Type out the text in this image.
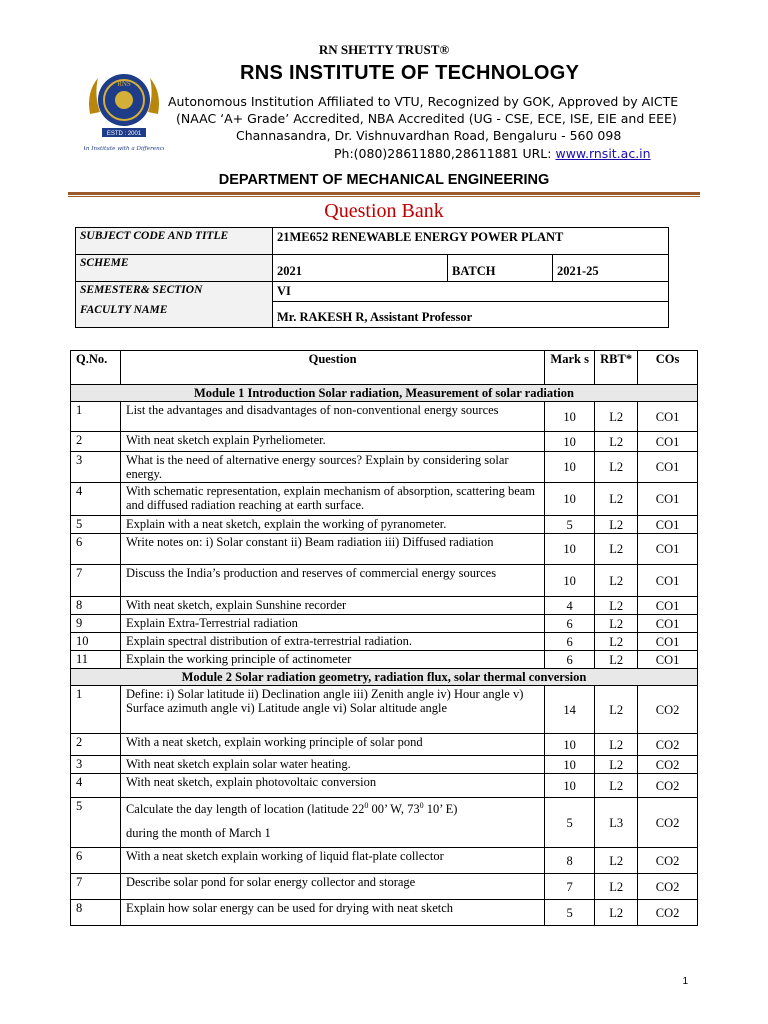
RN SHETTY TRUST®
RNS
ESTD : 2001
An Institute with a Difference
RNS INSTITUTE OF TECHNOLOGY
Autonomous Institution Affiliated to VTU, Recognized by GOK, Approved by AICTE
(NAAC ‘A+ Grade’ Accredited, NBA Accredited (UG - CSE, ECE, ISE, EIE and EEE)
Channasandra, Dr. Vishnuvardhan Road, Bengaluru - 560 098
Ph:(080)28611880,28611881 URL: www.rnsit.ac.in
DEPARTMENT OF MECHANICAL ENGINEERING
Question Bank
SUBJECT CODE AND TITLE	21ME652 RENEWABLE ENERGY POWER PLANT		
SCHEME	2021	BATCH	2021-25
SEMESTER& SECTION	VI		
FACULTY NAME	Mr. RAKESH R, Assistant Professor		
Q.No.	Question	Mark s	RBT*	COs
Module 1 Introduction Solar radiation, Measurement of solar radiation				
1	List the advantages and disadvantages of non-conventional energy sources	10	L2	CO1
2	With neat sketch explain Pyrheliometer.	10	L2	CO1
3	What is the need of alternative energy sources? Explain by considering solar energy.	10	L2	CO1
4	With schematic representation, explain mechanism of absorption, scattering beam and diffused radiation reaching at earth surface.	10	L2	CO1
5	Explain with a neat sketch, explain the working of pyranometer.	5	L2	CO1
6	Write notes on: i) Solar constant ii) Beam radiation iii) Diffused radiation	10	L2	CO1
7	Discuss the India’s production and reserves of commercial energy sources	10	L2	CO1
8	With neat sketch, explain Sunshine recorder	4	L2	CO1
9	Explain Extra-Terrestrial radiation	6	L2	CO1
10	Explain spectral distribution of extra-terrestrial radiation.	6	L2	CO1
11	Explain the working principle of actinometer	6	L2	CO1
Module 2 Solar radiation geometry, radiation flux, solar thermal conversion				
1	Define: i) Solar latitude ii) Declination angle iii) Zenith angle iv) Hour angle v) Surface azimuth angle vi) Latitude angle vi) Solar altitude angle	14	L2	CO2
2	With a neat sketch, explain working principle of solar pond	10	L2	CO2
3	With neat sketch explain solar water heating.	10	L2	CO2
4	With neat sketch, explain photovoltaic conversion	10	L2	CO2
5	Calculate the day length of location (latitude $22^0$ 00’ W, $73^0$ 10’ E)
during the month of March 1	5	L3	CO2
6	With a neat sketch explain working of liquid flat-plate collector	8	L2	CO2
7	Describe solar pond for solar energy collector and storage	7	L2	CO2
8	Explain how solar energy can be used for drying with neat sketch	5	L2	CO2
1
